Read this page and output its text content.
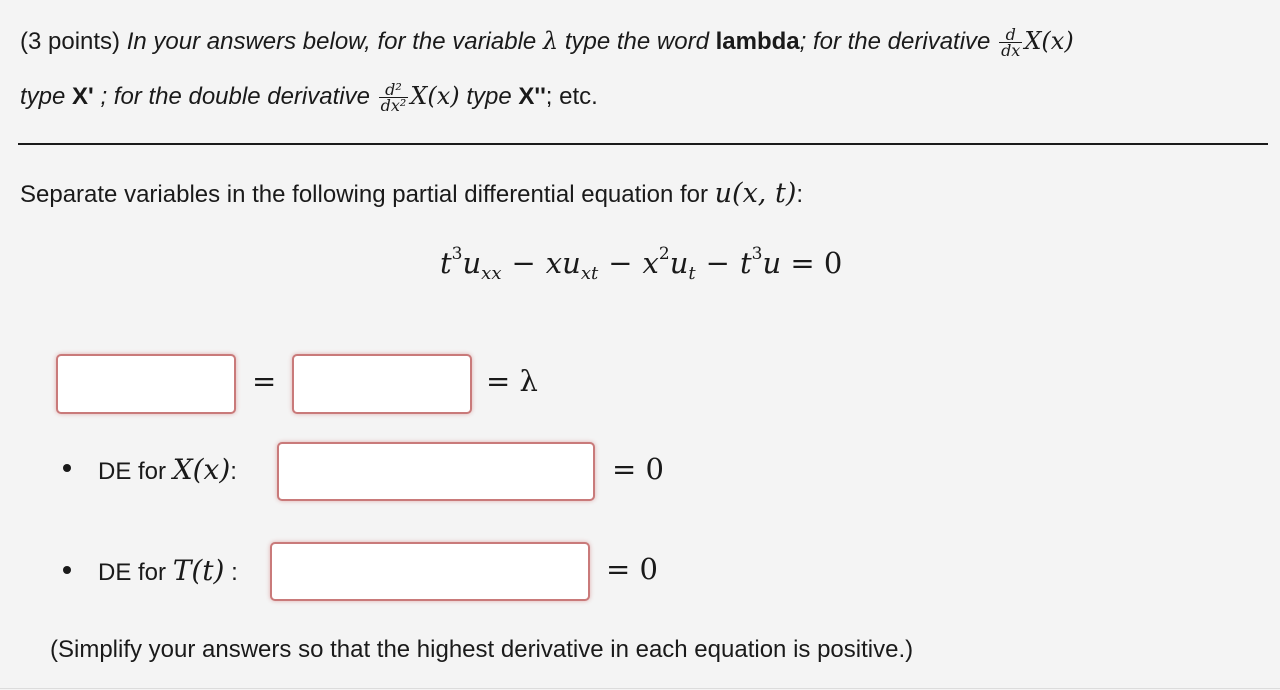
(3 points) In your answers below, for the variable λ type the word lambda; for the derivative $\frac{d}{dx} X(x)$
type X' ; for the double derivative $\frac{\text{d²}}{\text{dx²}} X(x)$ type X''; etc.
Separate variables in the following partial differential equation for u(x, t):
$t^3u_{xx} - xu_{xt} - x^2u_t - t^3u = 0$
=	= λ
DE for X(x):	= 0
DE for T(t) :	= 0
(Simplify your answers so that the highest derivative in each equation is positive.)
